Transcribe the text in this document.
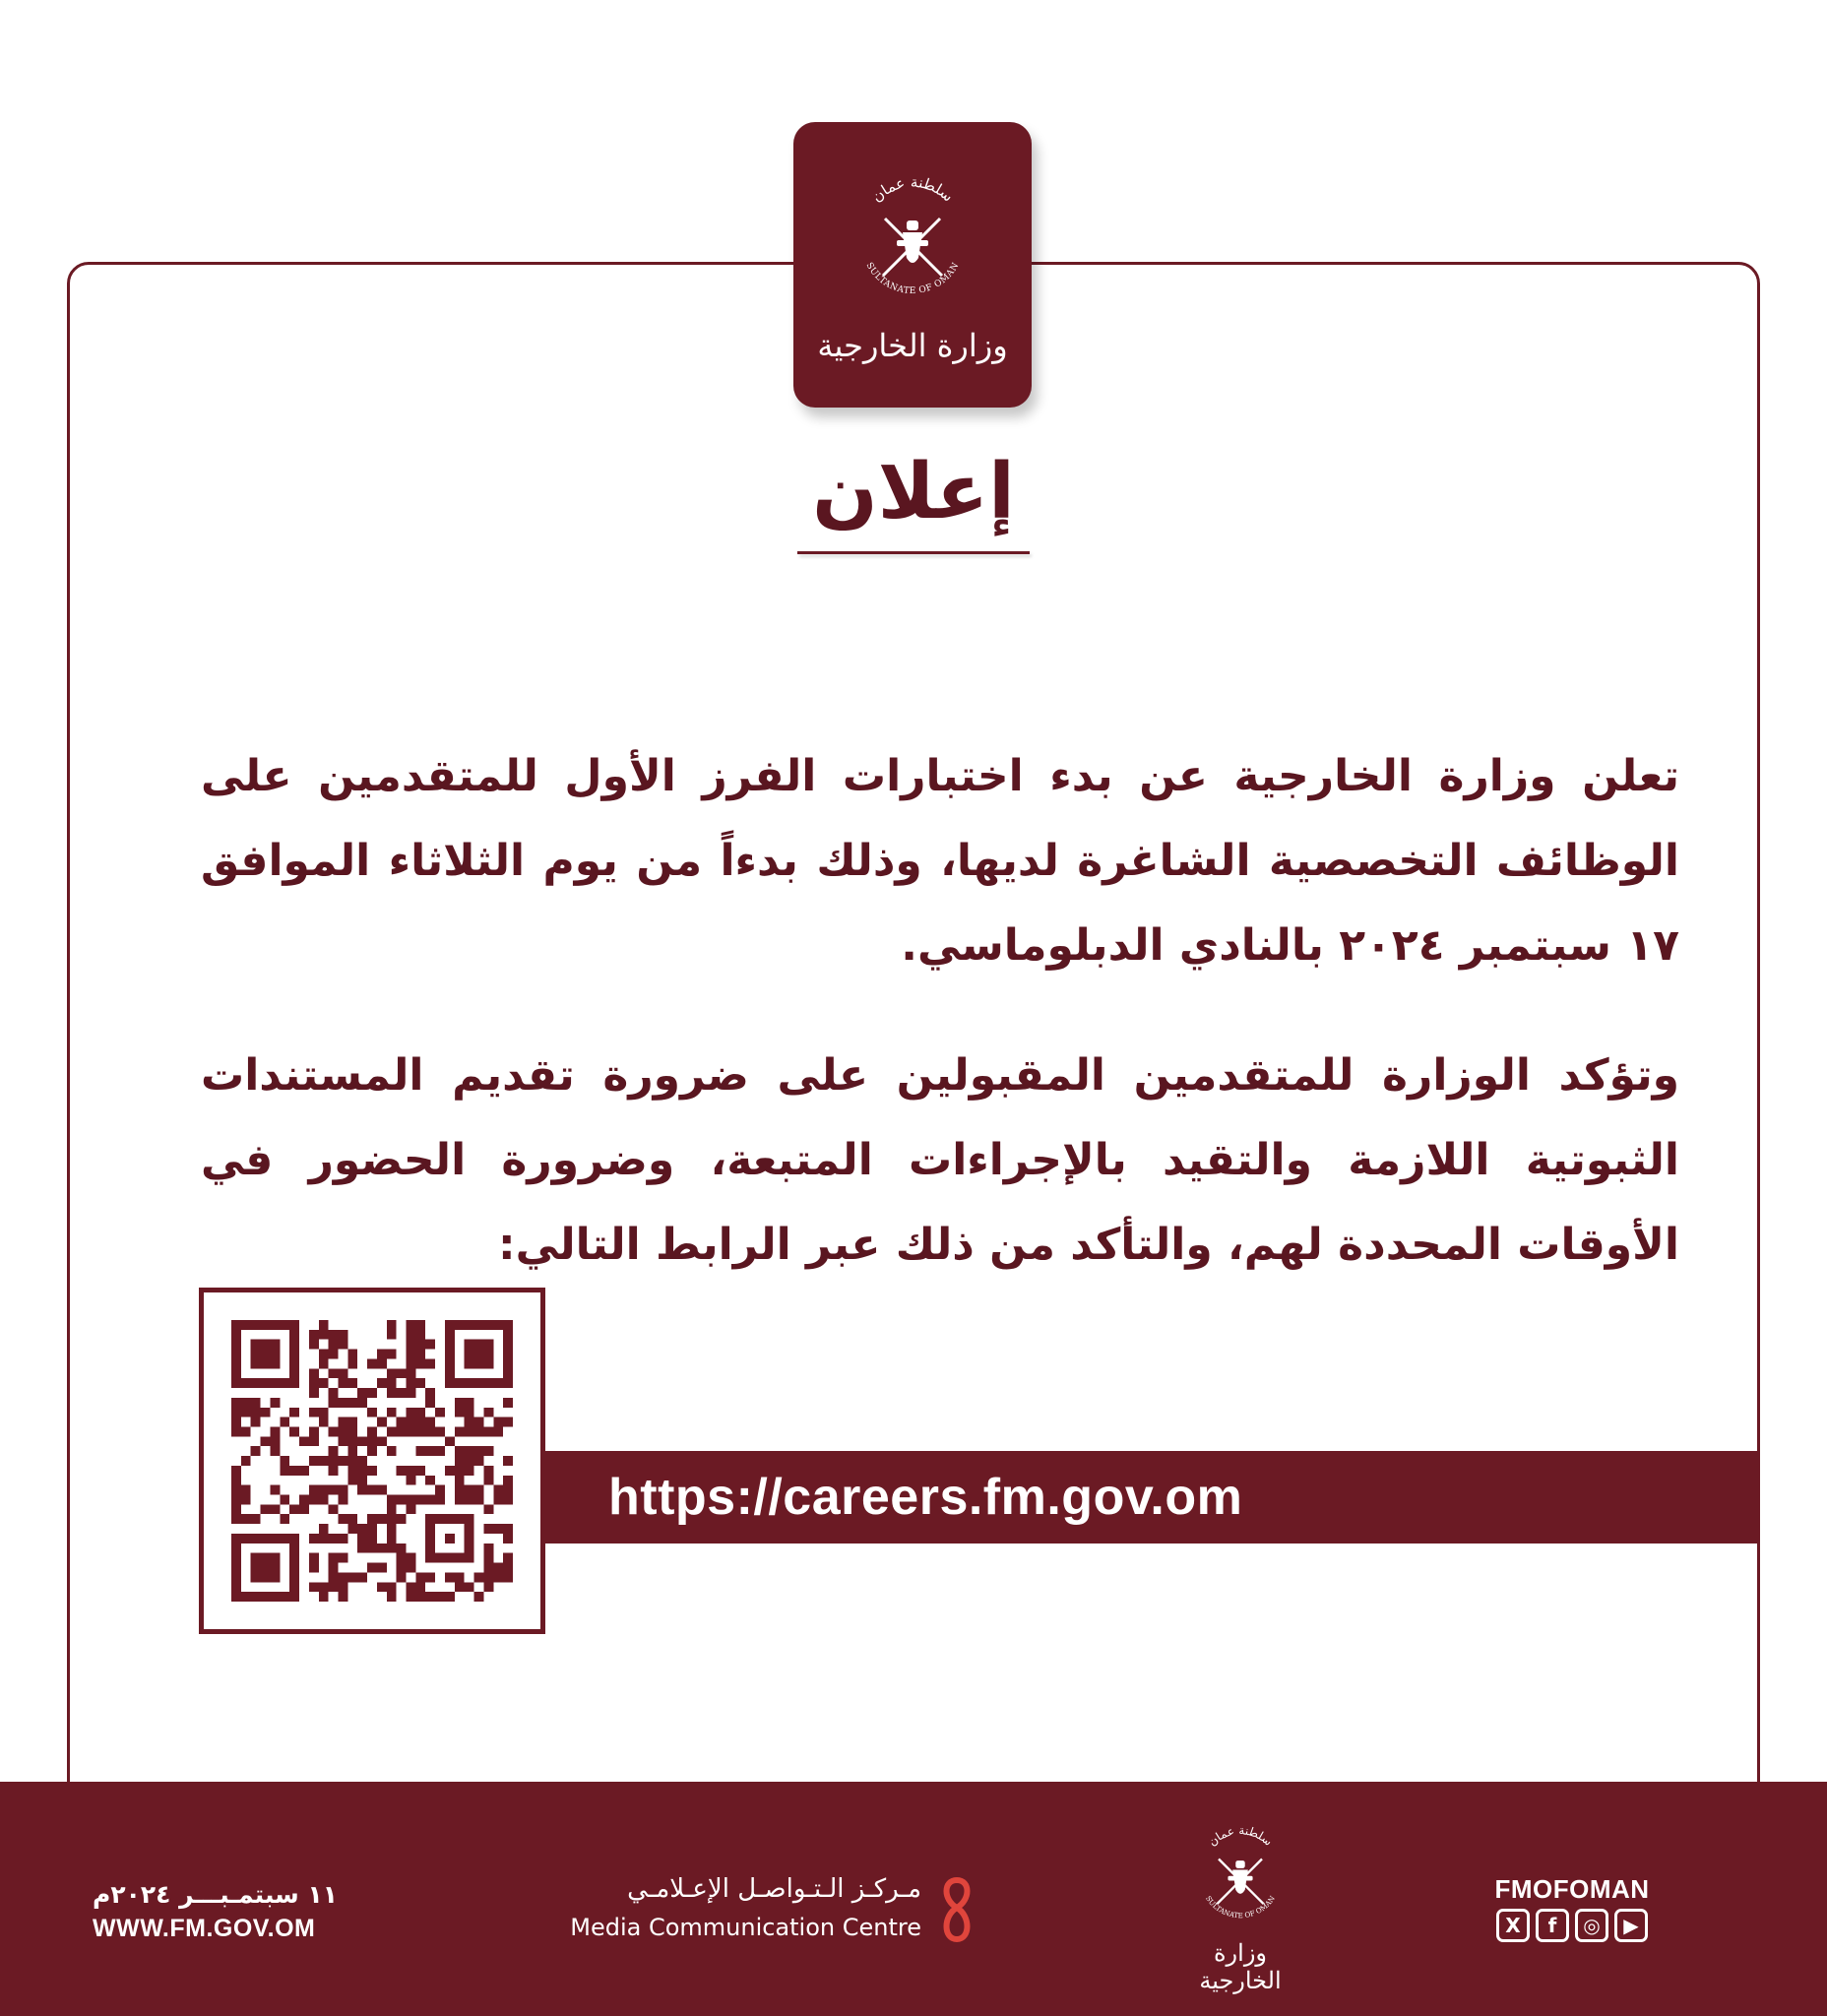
سلطنة عمان
SULTANATE OF OMAN
وزارة الخارجية
إعلان

تعلن وزارة الخارجية عن بدء اختبارات الفرز الأول للمتقدمين على الوظائف التخصصية الشاغرة لديها، وذلك بدءاً من يوم الثلاثاء الموافق ١٧ سبتمبر ٢٠٢٤ بالنادي الدبلوماسي.

وتؤكد الوزارة للمتقدمين المقبولين على ضرورة تقديم المستندات الثبوتية اللازمة والتقيد بالإجراءات المتبعة، وضرورة الحضور في الأوقات المحددة لهم، والتأكد من ذلك عبر الرابط التالي:

https://careers.fm.gov.om
FMOFOMAN
X	f	◎	▶
سلطنة عمان
SULTANATE OF OMAN
وزارة الخارجية
مـركـز الـتـواصـل الإعـلامـي
Media Communication Centre
١١ سبتمـبـــر ٢٠٢٤م
WWW.FM.GOV.OM
